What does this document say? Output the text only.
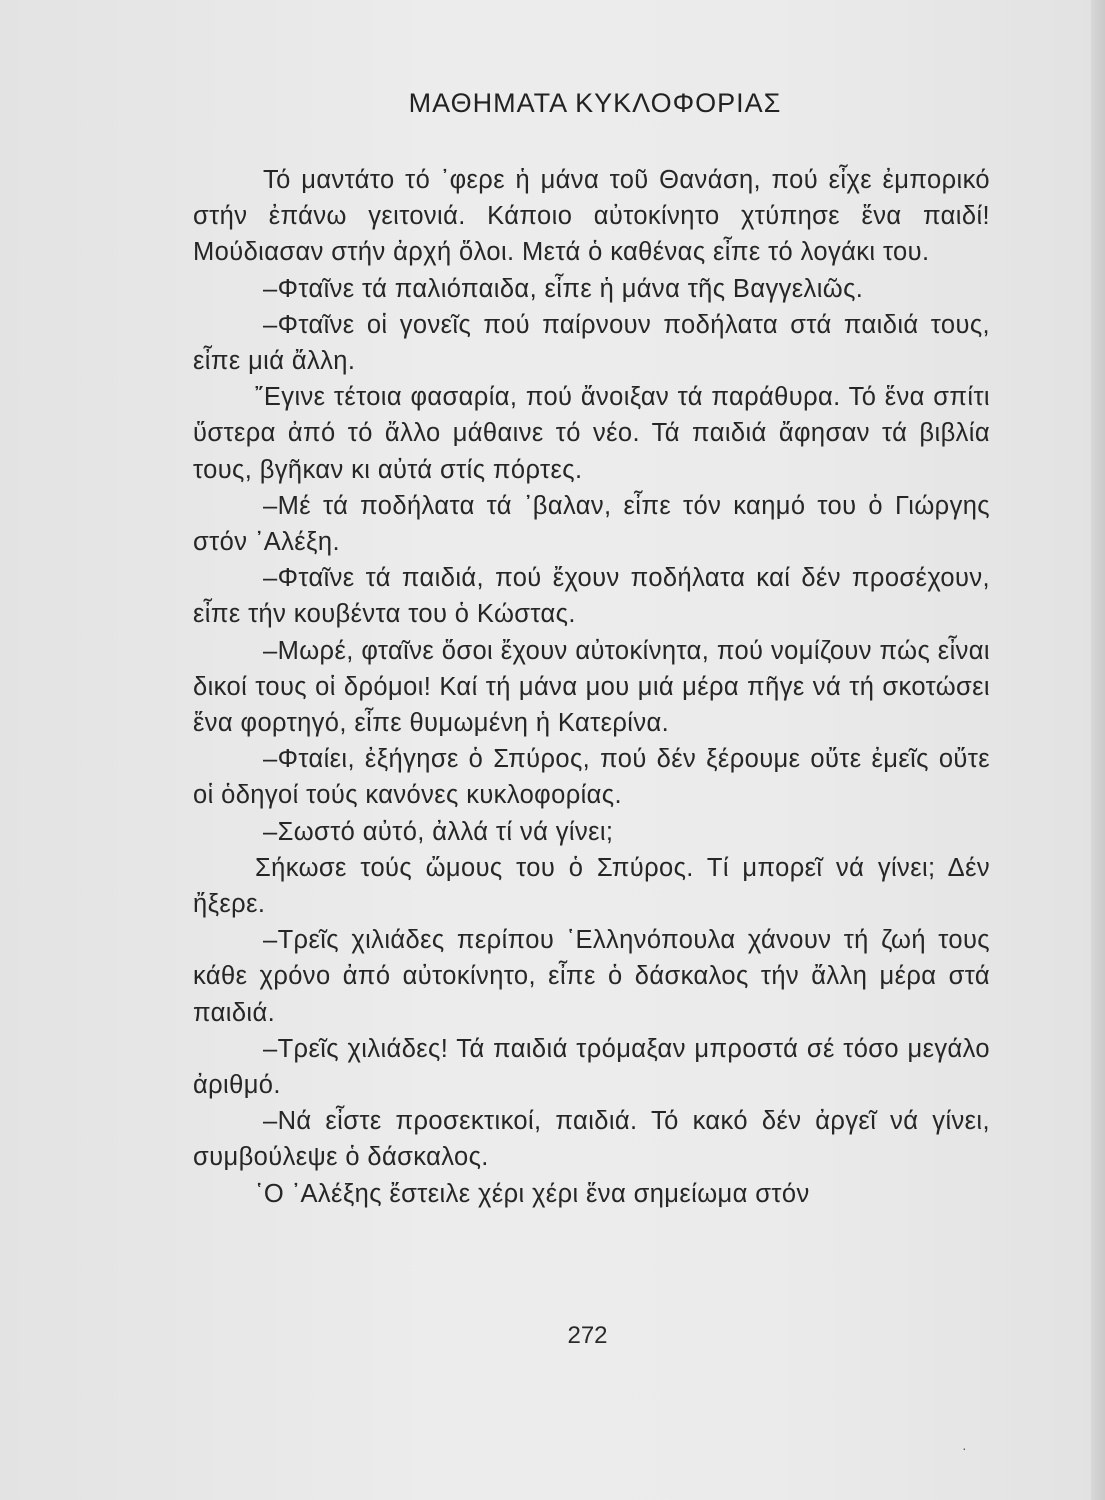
ΜΑΘΗΜΑΤΑ ΚΥΚΛΟΦΟΡΙΑΣ

Τό μαντάτο τό ᾿φερε ἡ μάνα τοῦ Θανάση, πού εἶχε ἐμπορικό στήν ἐπάνω γειτονιά. Κάποιο αὐτοκίνητο χτύπησε ἕνα παιδί! Μούδιασαν στήν ἀρχή ὅλοι. Μετά ὁ καθένας εἶπε τό λογάκι του.

–Φταῖνε τά παλιόπαιδα, εἶπε ἡ μάνα τῆς Βαγγελιῶς.

–Φταῖνε οἱ γονεῖς πού παίρνουν ποδήλατα στά παιδιά τους, εἶπε μιά ἄλλη.

῎Εγινε τέτοια φασαρία, πού ἄνοιξαν τά παράθυρα. Τό ἕνα σπίτι ὕστερα ἀπό τό ἄλλο μάθαινε τό νέο. Τά παιδιά ἄφησαν τά βιβλία τους, βγῆκαν κι αὐτά στίς πόρτες.

–Μέ τά ποδήλατα τά ᾿βαλαν, εἶπε τόν καημό του ὁ Γιώργης στόν ᾿Αλέξη.

–Φταῖνε τά παιδιά, πού ἔχουν ποδήλατα καί δέν προσέχουν, εἶπε τήν κουβέντα του ὁ Κώστας.

–Μωρέ, φταῖνε ὅσοι ἔχουν αὐτοκίνητα, πού νομίζουν πώς εἶναι δικοί τους οἱ δρόμοι! Καί τή μάνα μου μιά μέρα πῆγε νά τή σκοτώσει ἕνα φορτηγό, εἶπε θυμωμένη ἡ Κατερίνα.

–Φταίει, ἐξήγησε ὁ Σπύρος, πού δέν ξέρουμε οὔτε ἐμεῖς οὔτε οἱ ὁδηγοί τούς κανόνες κυκλοφορίας.

–Σωστό αὐτό, ἀλλά τί νά γίνει;

Σήκωσε τούς ὤμους του ὁ Σπύρος. Τί μπορεῖ νά γίνει; Δέν ἤξερε.

–Τρεῖς χιλιάδες περίπου ῾Ελληνόπουλα χάνουν τή ζωή τους κάθε χρόνο ἀπό αὐτοκίνητο, εἶπε ὁ δάσκαλος τήν ἄλλη μέρα στά παιδιά.

–Τρεῖς χιλιάδες! Τά παιδιά τρόμαξαν μπροστά σέ τόσο μεγάλο ἀριθμό.

–Νά εἶστε προσεκτικοί, παιδιά. Τό κακό δέν ἀργεῖ νά γίνει, συμβούλεψε ὁ δάσκαλος.

῾Ο ᾿Αλέξης ἔστειλε χέρι χέρι ἕνα σημείωμα στόν

272
·
